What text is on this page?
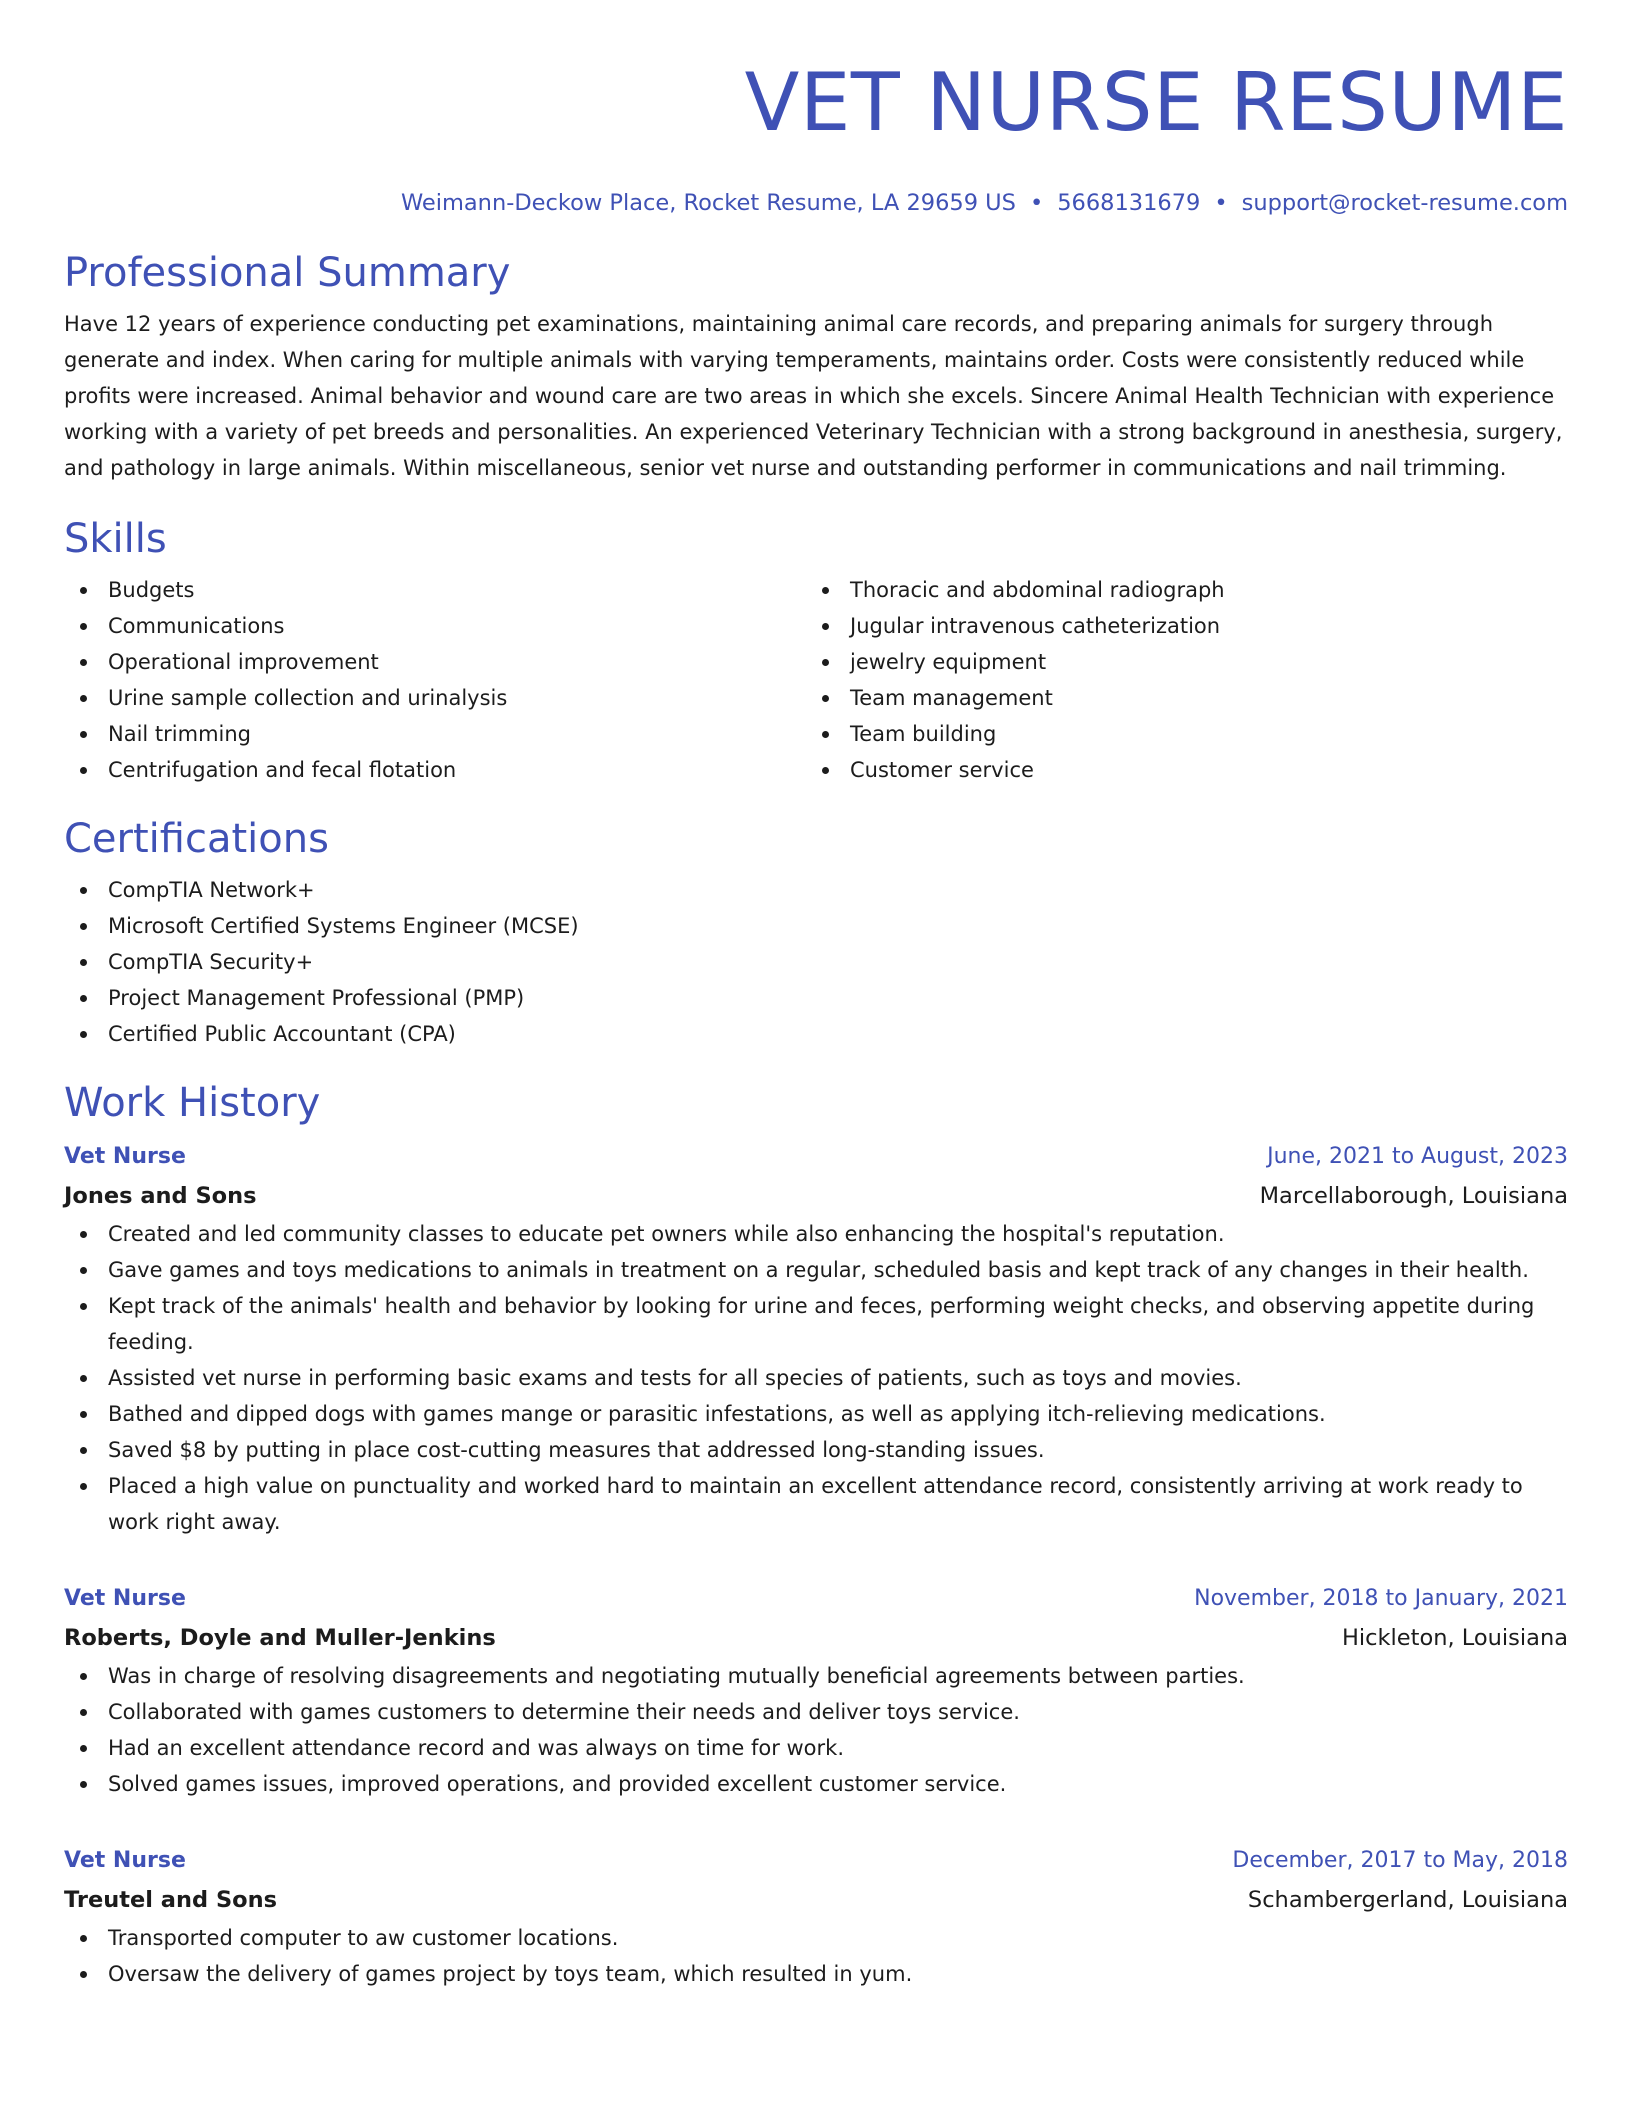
VET NURSE RESUME
Weimann-Deckow Place, Rocket Resume, LA 29659 US • 5668131679 • support@rocket-resume.com
Professional Summary

Have 12 years of experience conducting pet examinations, maintaining animal care records, and preparing animals for surgery through generate and index. When caring for multiple animals with varying temperaments, maintains order. Costs were consistently reduced while profits were increased. Animal behavior and wound care are two areas in which she excels. Sincere Animal Health Technician with experience working with a variety of pet breeds and personalities. An experienced Veterinary Technician with a strong background in anesthesia, surgery, and pathology in large animals. Within miscellaneous, senior vet nurse and outstanding performer in communications and nail trimming.

Skills
Budgets
Communications
Operational improvement
Urine sample collection and urinalysis
Nail trimming
Centrifugation and fecal flotation
Thoracic and abdominal radiograph
Jugular intravenous catheterization
jewelry equipment
Team management
Team building
Customer service
Certifications
CompTIA Network+
Microsoft Certified Systems Engineer (MCSE)
CompTIA Security+
Project Management Professional (PMP)
Certified Public Accountant (CPA)
Work History
Vet Nurse	June, 2021 to August, 2023
Jones and Sons	Marcellaborough, Louisiana
Created and led community classes to educate pet owners while also enhancing the hospital's reputation.
Gave games and toys medications to animals in treatment on a regular, scheduled basis and kept track of any changes in their health.
Kept track of the animals' health and behavior by looking for urine and feces, performing weight checks, and observing appetite during feeding.
Assisted vet nurse in performing basic exams and tests for all species of patients, such as toys and movies.
Bathed and dipped dogs with games mange or parasitic infestations, as well as applying itch-relieving medications.
Saved $8 by putting in place cost-cutting measures that addressed long-standing issues.
Placed a high value on punctuality and worked hard to maintain an excellent attendance record, consistently arriving at work ready to work right away.
Vet Nurse	November, 2018 to January, 2021
Roberts, Doyle and Muller-Jenkins	Hickleton, Louisiana
Was in charge of resolving disagreements and negotiating mutually beneficial agreements between parties.
Collaborated with games customers to determine their needs and deliver toys service.
Had an excellent attendance record and was always on time for work.
Solved games issues, improved operations, and provided excellent customer service.
Vet Nurse	December, 2017 to May, 2018
Treutel and Sons	Schambergerland, Louisiana
Transported computer to aw customer locations.
Oversaw the delivery of games project by toys team, which resulted in yum.
